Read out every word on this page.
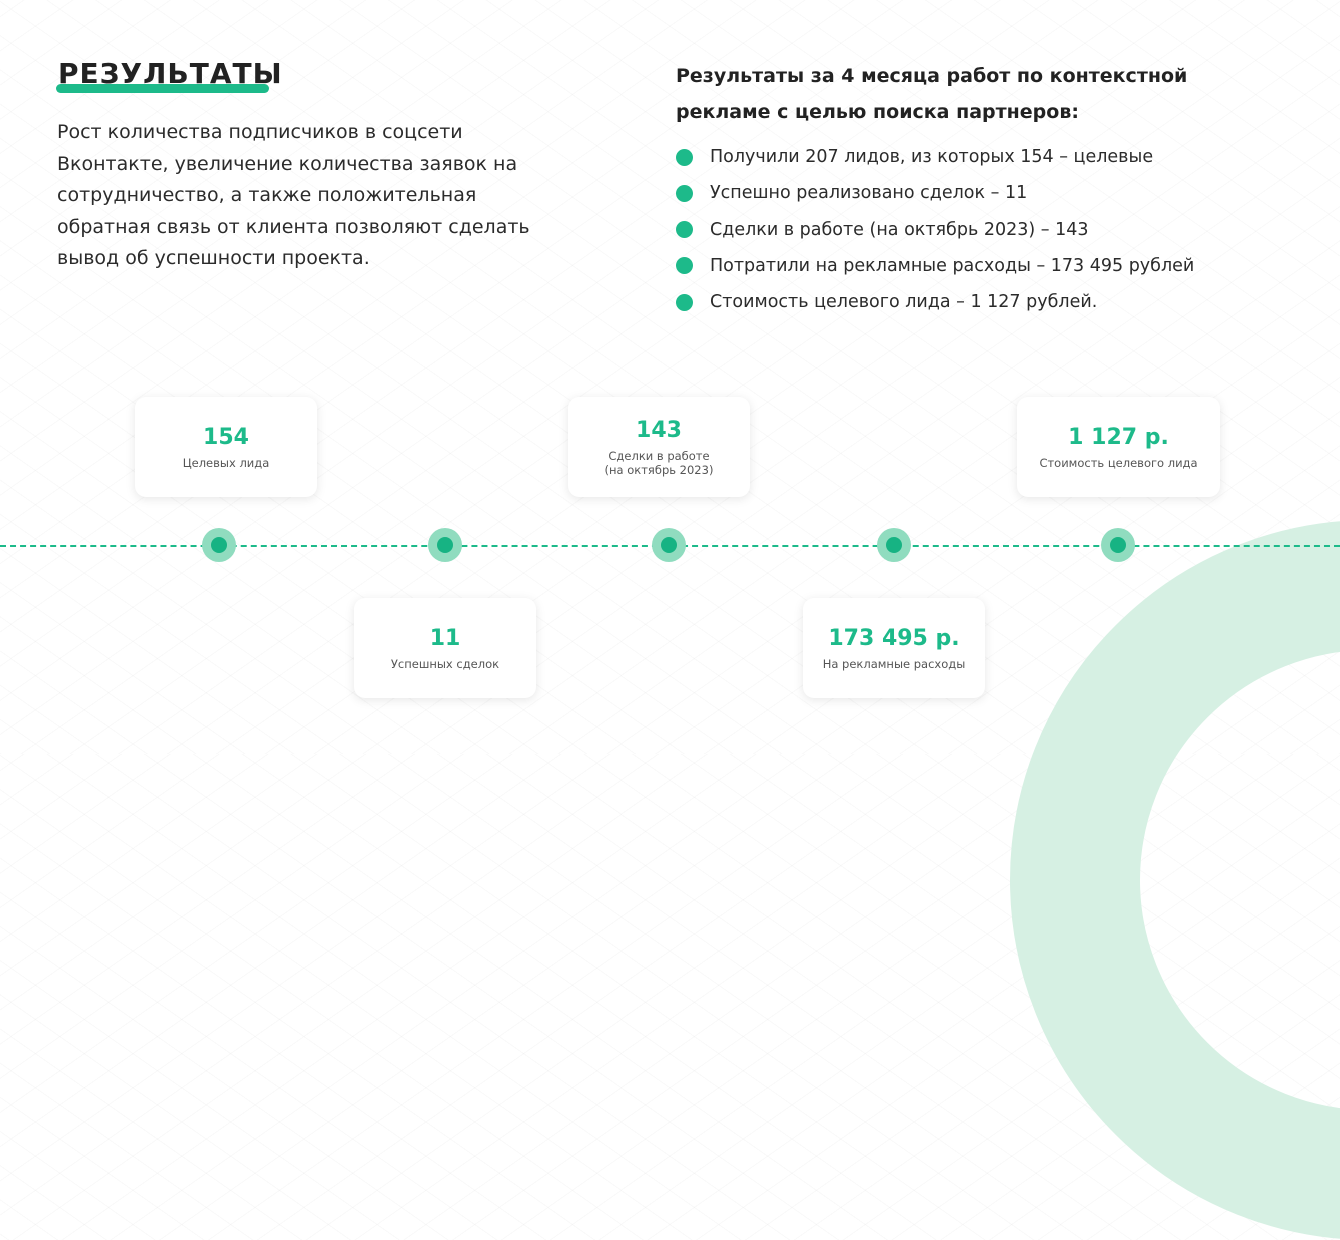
РЕЗУЛЬТАТЫ

Рост количества подписчиков в соцсети Вконтакте, увеличение количества заявок на сотрудничество, а также положительная обратная связь от клиента позволяют сделать вывод об успешности проекта.

Результаты за 4 месяца работ по контекстной рекламе с целью поиска партнеров:

Получили 207 лидов, из которых 154 – целевые
Успешно реализовано сделок – 11
Сделки в работе (на октябрь 2023) – 143
Потратили на рекламные расходы – 173 495 рублей
Стоимость целевого лида – 1 127 рублей.
154
Целевых лида
11
Успешных сделок
143
Сделки в работе
(на октябрь 2023)
173 495 р.
На рекламные расходы
1 127 р.
Стоимость целевого лида
